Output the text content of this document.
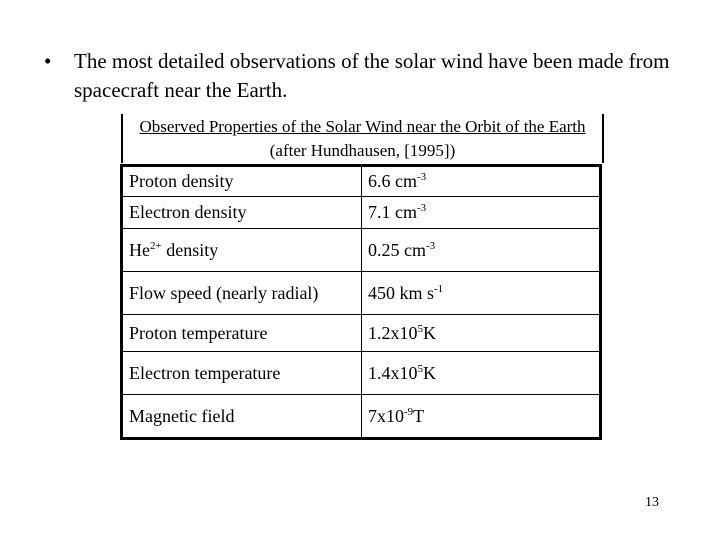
• The most detailed observations of the solar wind have been made from spacecraft near the Earth.
Observed Properties of the Solar Wind near the Orbit of the Earth (after Hundhausen, [1995])
Proton density	6.6 $cm^{-3}$
Electron density	7.1 $cm^{-3}$
$He^{2+}$ density	0.25 $cm^{-3}$
Flow speed (nearly radial)	450 km $s^{-1}$
Proton temperature	$1.2x10^5K$
Electron temperature	$1.4x10^5K$
Magnetic field	$7x10^{-9}T$
13
